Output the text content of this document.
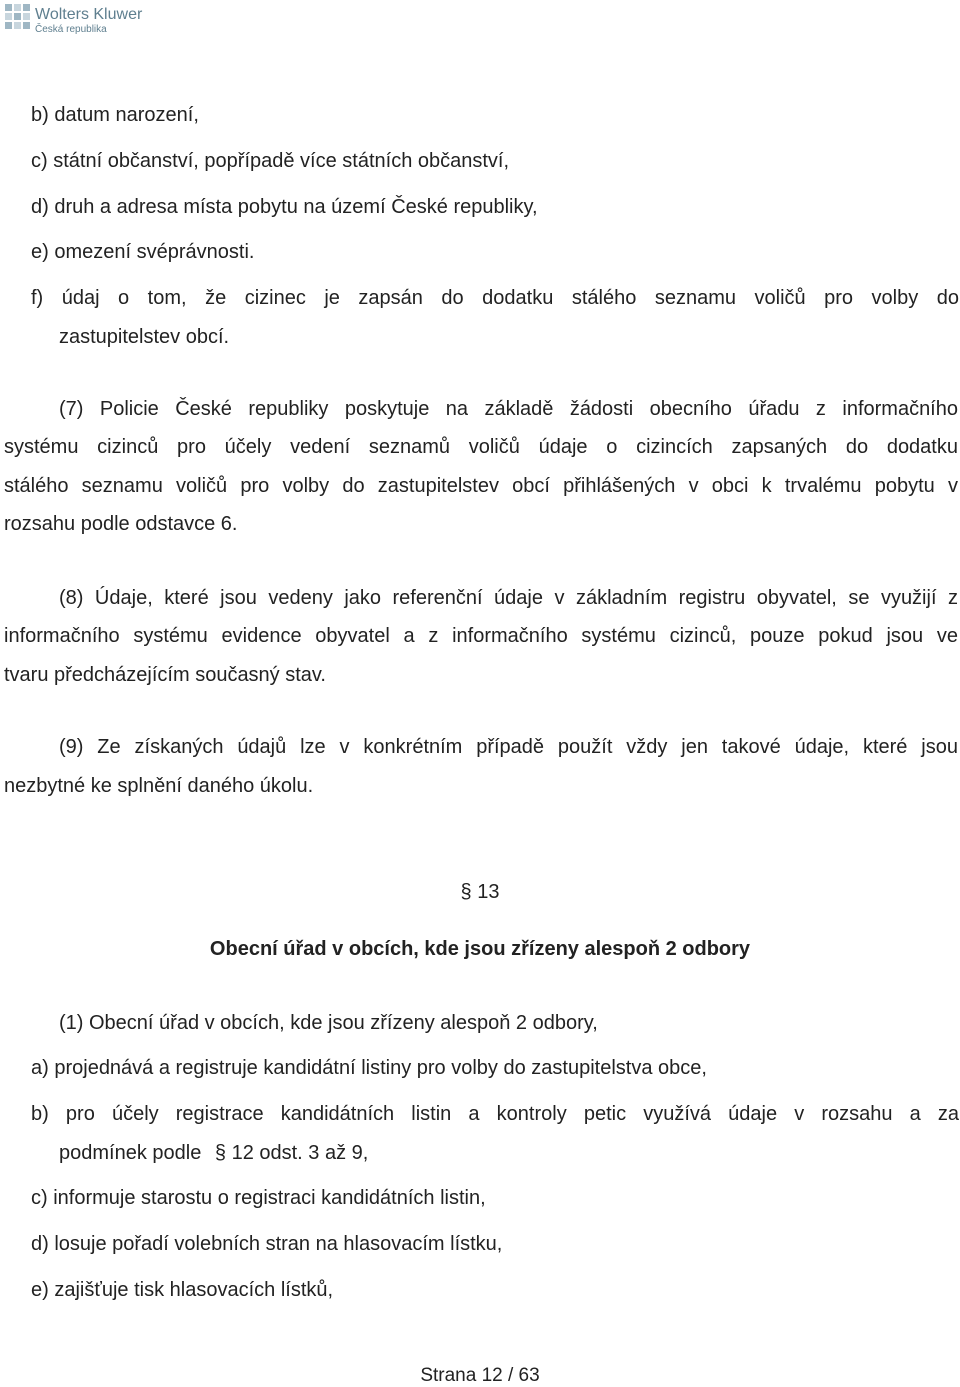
Wolters Kluwer
Česká republika
b) datum narození,
c) státní občanství, popřípadě více státních občanství,
d) druh a adresa místa pobytu na území České republiky,
e) omezení svéprávnosti.
f) údaj o tom, že cizinec je zapsán do dodatku stálého seznamu voličů pro volby do
zastupitelstev obcí.
(7) Policie České republiky poskytuje na základě žádosti obecního úřadu z informačního
systému cizinců pro účely vedení seznamů voličů údaje o cizincích zapsaných do dodatku
stálého seznamu voličů pro volby do zastupitelstev obcí přihlášených v obci k trvalému pobytu v
rozsahu podle odstavce 6.
(8) Údaje, které jsou vedeny jako referenční údaje v základním registru obyvatel, se využijí z
informačního systému evidence obyvatel a z informačního systému cizinců, pouze pokud jsou ve
tvaru předcházejícím současný stav.
(9) Ze získaných údajů lze v konkrétním případě použít vždy jen takové údaje, které jsou
nezbytné ke splnění daného úkolu.
§ 13
Obecní úřad v obcích, kde jsou zřízeny alespoň 2 odbory
(1) Obecní úřad v obcích, kde jsou zřízeny alespoň 2 odbory,
a) projednává a registruje kandidátní listiny pro volby do zastupitelstva obce,
b) pro účely registrace kandidátních listin a kontroly petic využívá údaje v rozsahu a za
podmínek podle § 12 odst. 3 až 9,
c) informuje starostu o registraci kandidátních listin,
d) losuje pořadí volebních stran na hlasovacím lístku,
e) zajišťuje tisk hlasovacích lístků,
Strana 12 / 63
